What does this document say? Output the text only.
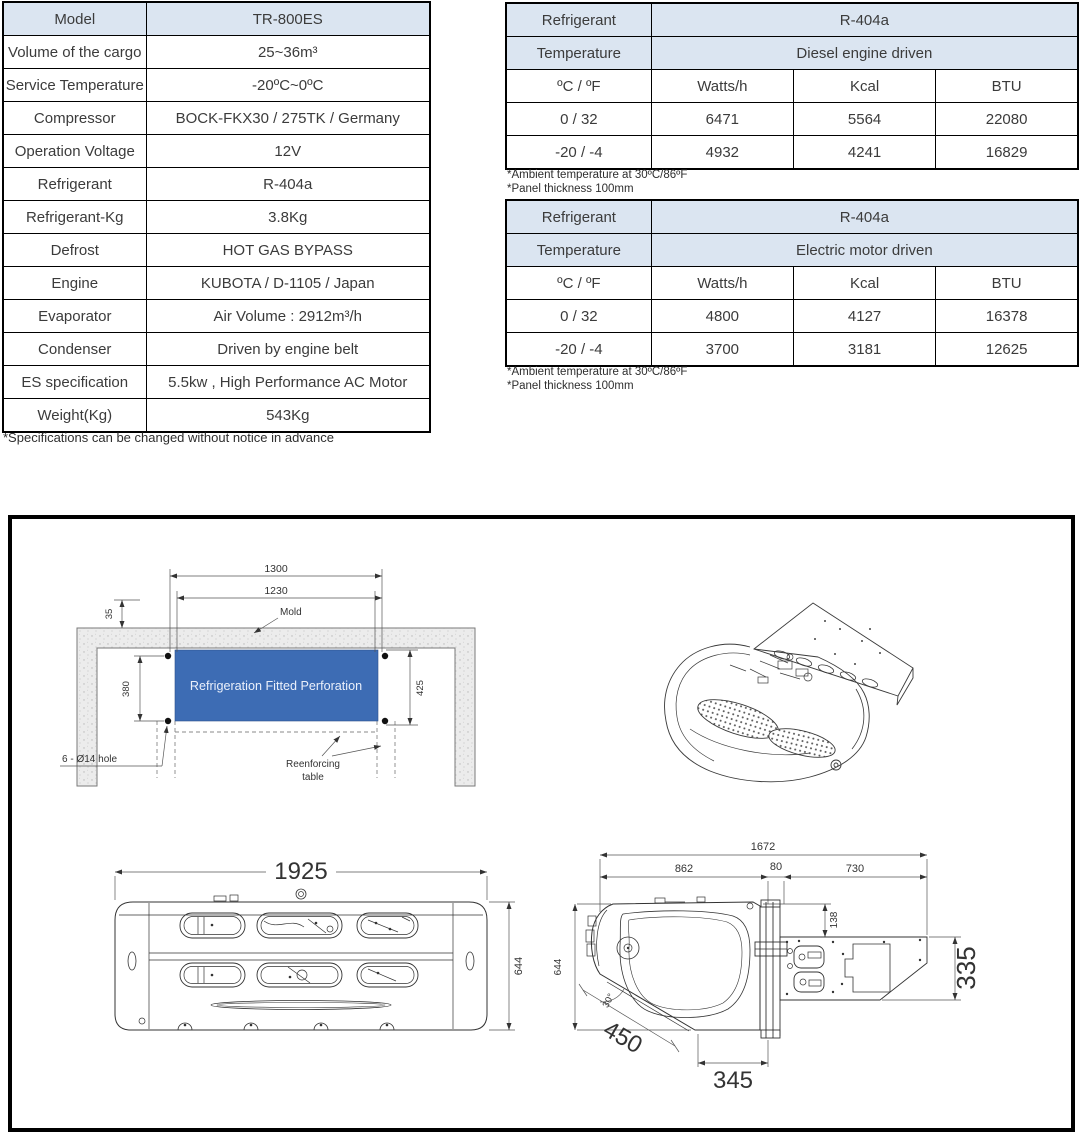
Model	TR-800ES
Volume of the cargo	25~36m³
Service Temperature	-20ºC~0ºC
Compressor	BOCK-FKX30 / 275TK / Germany
Operation Voltage	12V
Refrigerant	R-404a
Refrigerant-Kg	3.8Kg
Defrost	HOT GAS BYPASS
Engine	KUBOTA / D-1105 / Japan
Evaporator	Air Volume : 2912m³/h
Condenser	Driven by engine belt
ES specification	5.5kw , High Performance AC Motor
Weight(Kg)	543Kg
*Specifications can be changed without notice in advance
Refrigerant	R-404a		
Temperature	Diesel engine driven		
ºC / ºF	Watts/h	Kcal	BTU
0 / 32	6471	5564	22080
-20 / -4	4932	4241	16829
*Ambient temperature at 30ºC/86ºF
*Panel thickness 100mm
Refrigerant	R-404a		
Temperature	Electric motor driven		
ºC / ºF	Watts/h	Kcal	BTU
0 / 32	4800	4127	16378
-20 / -4	3700	3181	12625
*Ambient temperature at 30ºC/86ºF
*Panel thickness 100mm
Refrigeration Fitted Perforation
1300
1230
35
380	425
Mold
6 - Ø14 hole	Reenforcing
table
1925
644
1672
862	80	730
138
335
644
30°
450
345
